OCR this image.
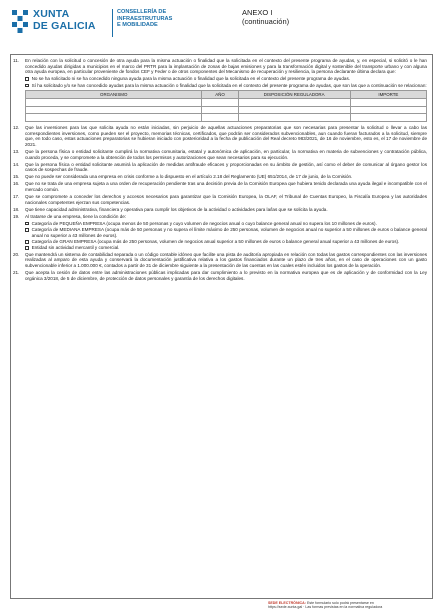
XUNTA
DE GALICIA
CONSELLERÍA DE
INFRAESTRUTURAS
E MOBILIDADE
ANEXO I
(continuación)
11.	En relación con la solicitud o concesión de otra ayuda para la misma actuación o finalidad que la solicitada en el contexto del presente programa de ayudas, y, en especial, si solicitó o le han concedido ayudas dirigidas a municipios en el marco del PRTR para la implantación de zonas de bajas emisiones y para la transformación digital y sostenible del transporte urbano y con alguna otra ayuda europea, en particular proveniente de fondos CEF y Feder o de otros componentes del Mecanismo de recuperación y resiliencia, la persona declarante última declara que:
No se ha solicitado ni se ha concedido ninguna ayuda para la misma actuación o finalidad que la solicitada en el contexto del presente programa de ayudas.
Sí ha solicitado y/o se han concedido ayudas para la misma actuación o finalidad que la solicitada en el contexto del presente programa de ayudas, que son las que a continuación se relacionan:
ORGANISMO	AÑO	DISPOSICIÓN REGULADORA	IMPORTE

12.	Que las inversiones para las que solicita ayuda no están iniciadas, sin perjuicio de aquellas actuaciones preparatorias que son necesarias para presentar la solicitud o llevar a cabo las correspondientes inversiones, como pueden ser el proyecto, memorias técnicas, certificados, que podrán ser considerados subvencionables, aun cuando fueran facturados a la solicitud, siempre que, en todo caso, estas actuaciones preparatorias se hubieran iniciado con posterioridad a la fecha de publicación del Real decreto 983/2021, de 16 de noviembre, esto es, el 17 de noviembre de 2021.
13.	Que la persona física o entidad solicitante cumplirá la normativa comunitaria, estatal y autonómica de aplicación, en particular, la normativa en materia de subvenciones y contratación pública, cuando proceda, y se compromete a la obtención de todos los permisos y autorizaciones que sean necesarios para su ejecución.
14.	Que la persona física o entidad solicitante asumirá la aplicación de medidas antifraude eficaces y proporcionadas en su ámbito de gestión, así como el deber de comunicar al órgano gestor los casos de sospechas de fraude.
15.	Que no puede ser considerada una empresa en crisis conforme a lo dispuesto en el artículo 2.18 del Reglamento (UE) 651/2014, de 17 de junio, de la Comisión.
16.	Que no se trata de una empresa sujeta a una orden de recuperación pendiente tras una decisión previa de la Comisión Europea que hubiera tenido declarada una ayuda ilegal e incompatible con el mercado común.
17.	Que se compromete a conceder los derechos y accesos necesarios para garantizar que la Comisión Europea, la OLAF, el Tribunal de Cuentas Europeo, la Fiscalía Europea y las autoridades nacionales competentes ejerzan sus competencias.
18.	Que tiene capacidad administrativa, financiera y operativa para cumplir los objetivos de la actividad o actividades para la/las que se solicita la ayuda.
19.	Al tratarse de una empresa, tiene la condición de:
Categoría de PEQUEÑA EMPRESA (ocupa menos de 50 personas y cuyo volumen de negocios anual o cuyo balance general anual no supera los 10 millones de euros).
Categoría de MEDIANA EMPRESA (ocupa más de 50 personas y no supera el límite máximo de 250 personas, volumen de negocios anual no superior a 50 millones de euros o balance general anual no superior a 43 millones de euros).
Categoría de GRAN EMPRESA (ocupa más de 250 personas, volumen de negocios anual superior a 50 millones de euros o balance general anual superior a 43 millones de euros).
Entidad sin actividad mercantil y comercial.
20.	Que mantendrá un sistema de contabilidad separada o un código contable idóneo que facilite una pista de auditoría apropiada en relación con todas las gastos correspondientes con las inversiones realizadas al amparo de esta ayuda y conservará la documentación justificativa relativa a los gastos financiados durante un plazo de tres años, en el caso de operaciones con un gasto subvencionable inferior a 1.000.000 €, contados a partir de 31 de diciembre siguiente a la presentación de las cuentas en las cuales estén incluidos los gastos de la operación.
21.	Que acepta la cesión de datos entre las administraciones públicas implicadas para dar cumplimiento a lo previsto en la normativa europea que es de aplicación y de conformidad con la Ley orgánica 3/2018, de 5 de diciembre, de protección de datos personales y garantía de los derechos digitales.
SEDE ELECTRÓNICA: Este formulario solo podrá presentarse en
https://sede.xunta.gal · Las formas previstas en la normativa reguladora
